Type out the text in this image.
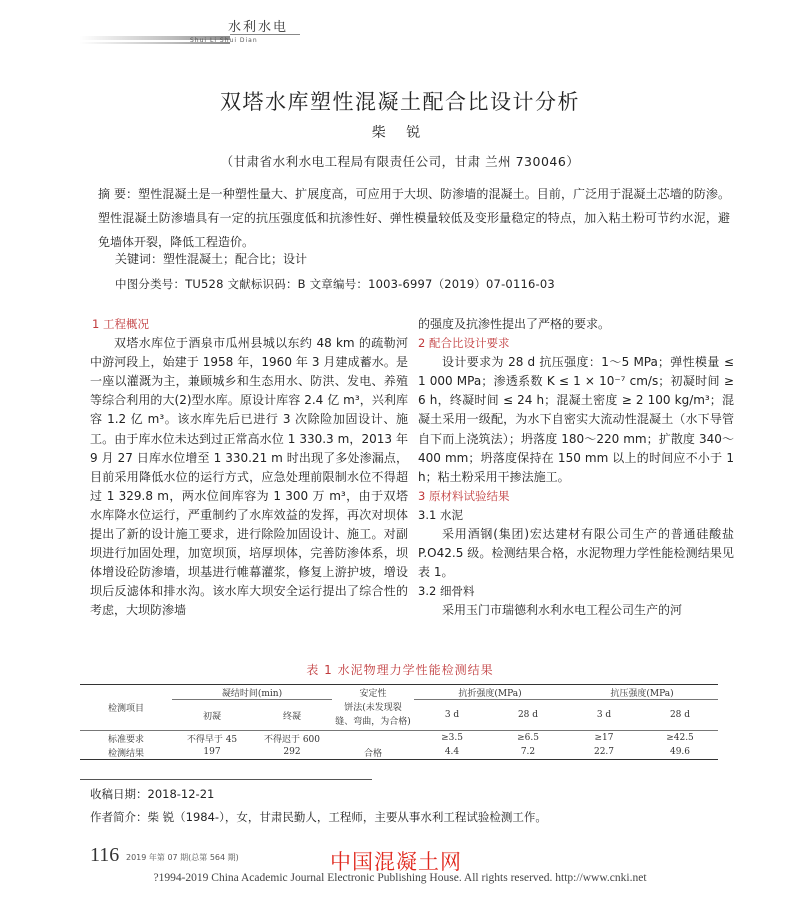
水利水电
Shui Li Shui Dian
双塔水库塑性混凝土配合比设计分析
柴 锐
（甘肃省水利水电工程局有限责任公司，甘肃 兰州 730046）
摘 要：塑性混凝土是一种塑性量大、扩展度高，可应用于大坝、防渗墙的混凝土。目前，广泛用于混凝土芯墙的防渗。塑性混凝土防渗墙具有一定的抗压强度低和抗渗性好、弹性模量较低及变形量稳定的特点，加入粘土粉可节约水泥，避免墙体开裂，降低工程造价。
关键词：塑性混凝土；配合比；设计
中图分类号：TU528 文献标识码：B 文章编号：1003-6997（2019）07-0116-03
1 工程概况

双塔水库位于酒泉市瓜州县城以东约 48 km 的疏勒河中游河段上，始建于 1958 年，1960 年 3 月建成蓄水。是一座以灌溉为主，兼顾城乡和生态用水、防洪、发电、养殖等综合利用的大(2)型水库。原设计库容 2.4 亿 m³，兴利库容 1.2 亿 m³。该水库先后已进行 3 次除险加固设计、施工。由于库水位未达到过正常高水位 1 330.3 m，2013 年 9 月 27 日库水位增至 1 330.21 m 时出现了多处渗漏点，目前采用降低水位的运行方式，应急处理前限制水位不得超过 1 329.8 m，两水位间库容为 1 300 万 m³，由于双塔水库降水位运行，严重制约了水库效益的发挥，再次对坝体提出了新的设计施工要求，进行除险加固设计、施工。对副坝进行加固处理，加宽坝顶，培厚坝体，完善防渗体系，坝体增设砼防渗墙，坝基进行帷幕灌浆，修复上游护坡，增设坝后反滤体和排水沟。该水库大坝安全运行提出了综合性的考虑，大坝防渗墙

的强度及抗渗性提出了严格的要求。

2 配合比设计要求

设计要求为 28 d 抗压强度：1～5 MPa；弹性模量 ≤ 1 000 MPa；渗透系数 K ≤ 1 × 10⁻⁷ cm/s；初凝时间 ≥ 6 h，终凝时间 ≤ 24 h；混凝土密度 ≥ 2 100 kg/m³；混凝土采用一级配，为水下自密实大流动性混凝土（水下导管自下而上浇筑法）；坍落度 180～220 mm；扩散度 340～400 mm；坍落度保持在 150 mm 以上的时间应不小于 1 h；粘土粉采用干掺法施工。

3 原材料试验结果
3.1 水泥

采用酒钢(集团)宏达建材有限公司生产的普通硅酸盐 P.O42.5 级。检测结果合格，水泥物理力学性能检测结果见表 1。

3.2 细骨料

采用玉门市瑞德利水利水电工程公司生产的河

表 1 水泥物理力学性能检测结果
检测项目	凝结时间(min)		安定性	抗折强度(MPa)		抗压强度(MPa)	
	初凝	终凝	饼法(未发现裂
缝、弯曲，为合格)	3 d	28 d	3 d	28 d
标准要求	不得早于 45	不得迟于 600		≥3.5	≥6.5	≥17	≥42.5
检测结果	197	292	合格	4.4	7.2	22.7	49.6
收稿日期：2018-12-21
作者简介：柴 锐（1984-），女，甘肃民勤人，工程师，主要从事水利工程试验检测工作。
116 2019 年第 07 期(总第 564 期)	中国混凝土网
?1994-2019 China Academic Journal Electronic Publishing House. All rights reserved. http://www.cnki.net
